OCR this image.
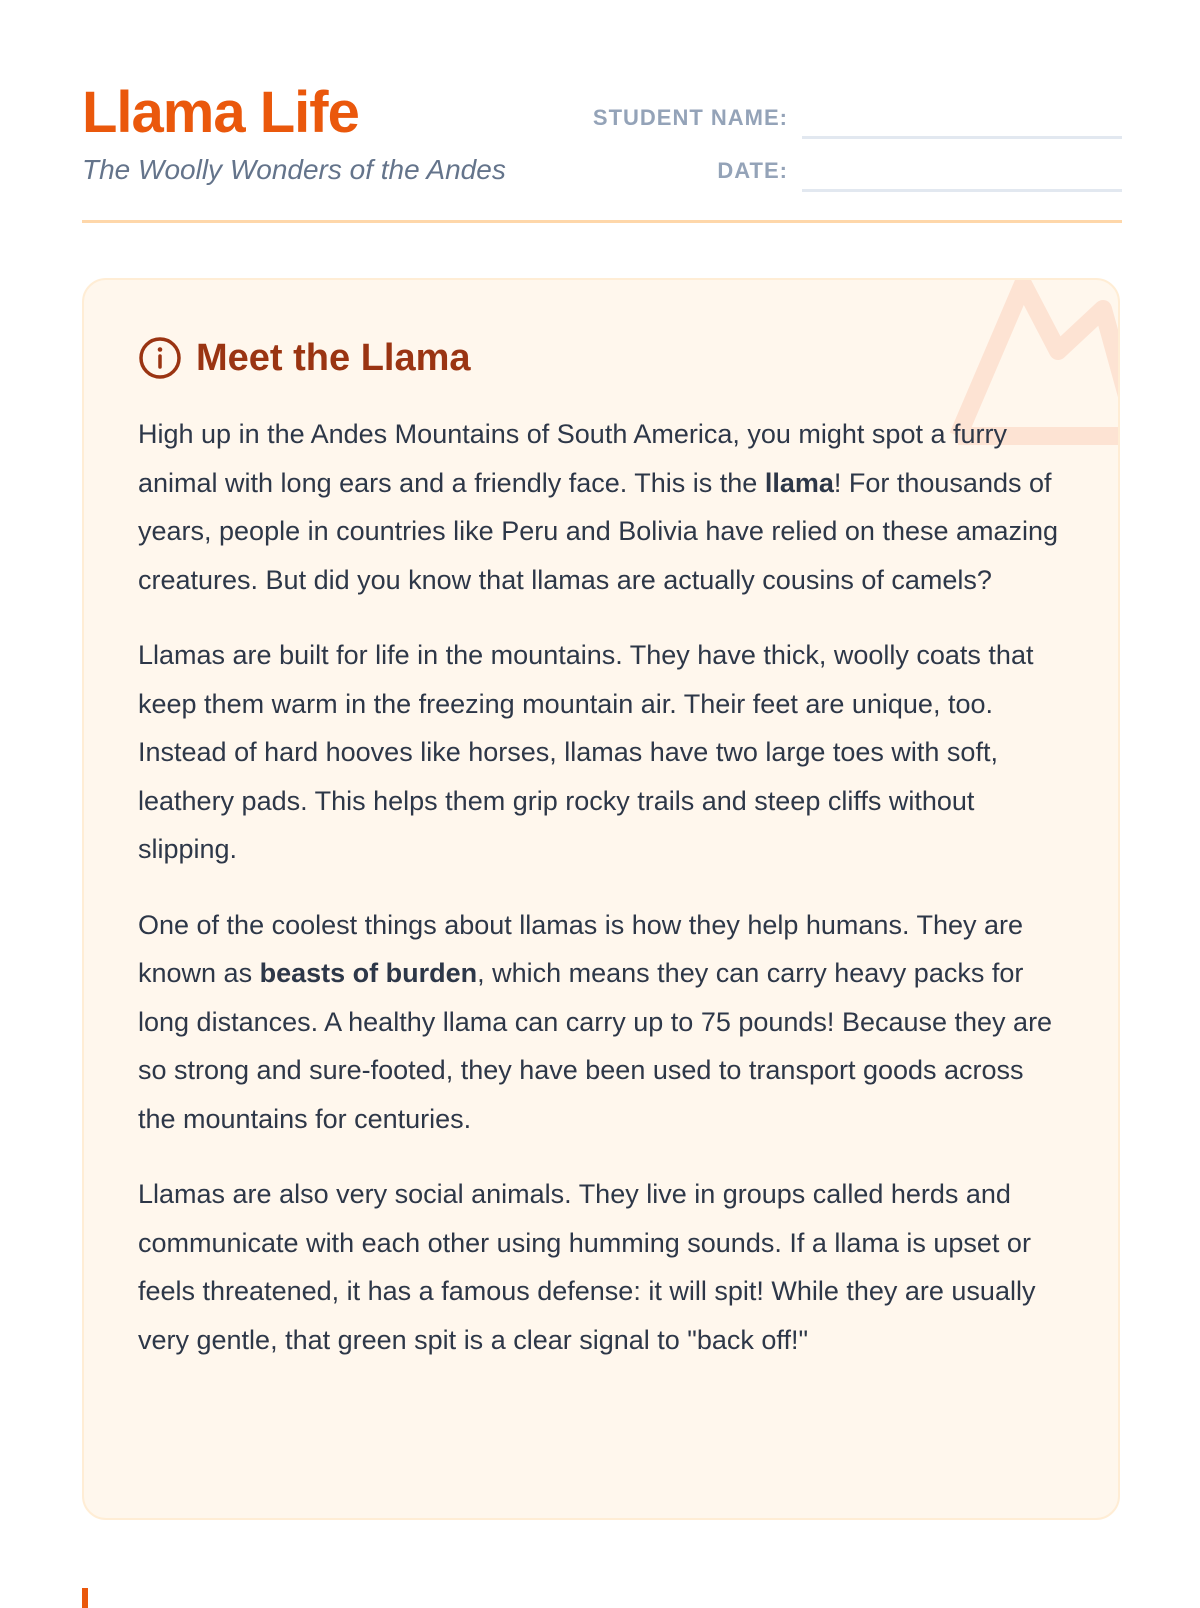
Llama Life
The Woolly Wonders of the Andes
STUDENT NAME:
DATE:
Meet the Llama

High up in the Andes Mountains of South America, you might spot a furry animal with long ears and a friendly face. This is the llama! For thousands of years, people in countries like Peru and Bolivia have relied on these amazing creatures. But did you know that llamas are actually cousins of camels?

Llamas are built for life in the mountains. They have thick, woolly coats that keep them warm in the freezing mountain air. Their feet are unique, too. Instead of hard hooves like horses, llamas have two large toes with soft, leathery pads. This helps them grip rocky trails and steep cliffs without slipping.

One of the coolest things about llamas is how they help humans. They are known as beasts of burden, which means they can carry heavy packs for long distances. A healthy llama can carry up to 75 pounds! Because they are so strong and sure-footed, they have been used to transport goods across the mountains for centuries.

Llamas are also very social animals. They live in groups called herds and communicate with each other using humming sounds. If a llama is upset or feels threatened, it has a famous defense: it will spit! While they are usually very gentle, that green spit is a clear signal to "back off!"
